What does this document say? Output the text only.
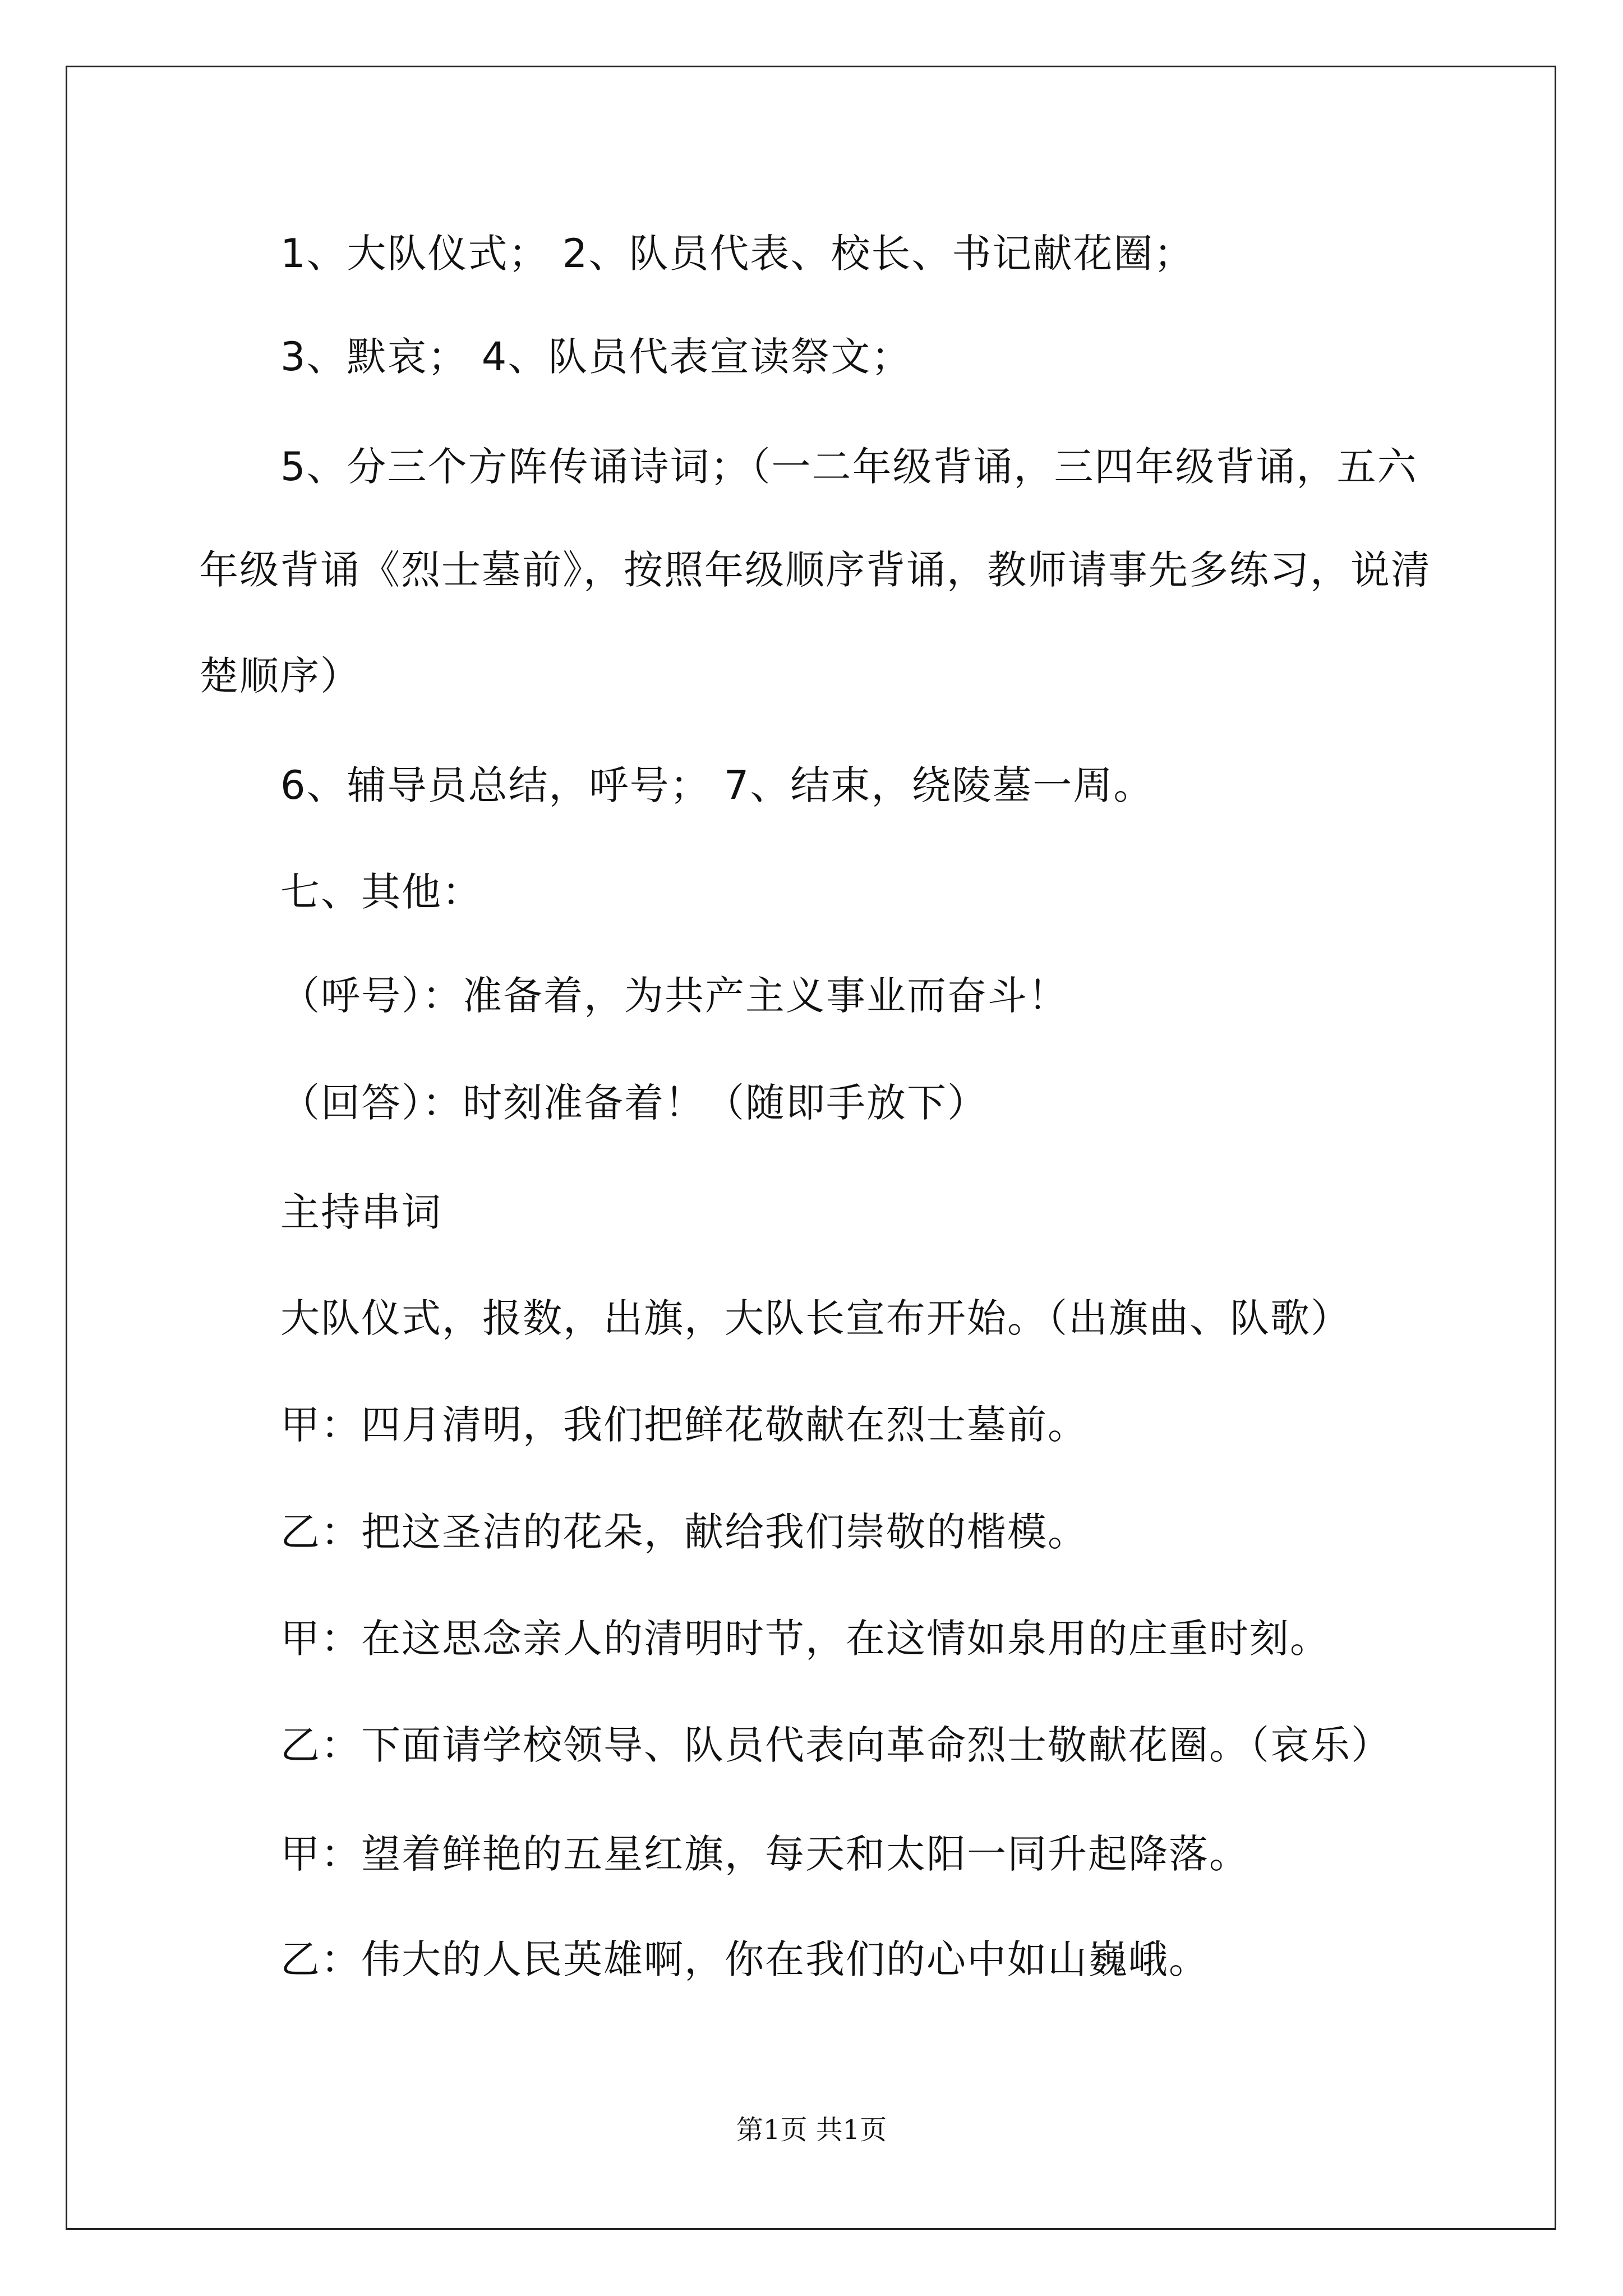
1、大队仪式； 2、队员代表、校长、书记献花圈；
3、默哀； 4、队员代表宣读祭文；
5、分三个方阵传诵诗词；（一二年级背诵，三四年级背诵，五六
年级背诵《烈士墓前》，按照年级顺序背诵，教师请事先多练习，说清
楚顺序）
6、辅导员总结，呼号； 7、结束，绕陵墓一周。
七、其他：
（呼号）：准备着，为共产主义事业而奋斗！
（回答）：时刻准备着！（随即手放下）
主持串词
大队仪式，报数，出旗，大队长宣布开始。（出旗曲、队歌）
甲：四月清明，我们把鲜花敬献在烈士墓前。
乙：把这圣洁的花朵，献给我们崇敬的楷模。
甲：在这思念亲人的清明时节，在这情如泉用的庄重时刻。
乙：下面请学校领导、队员代表向革命烈士敬献花圈。（哀乐）
甲：望着鲜艳的五星红旗，每天和太阳一同升起降落。
乙：伟大的人民英雄啊，你在我们的心中如山巍峨。
第1页 共1页
